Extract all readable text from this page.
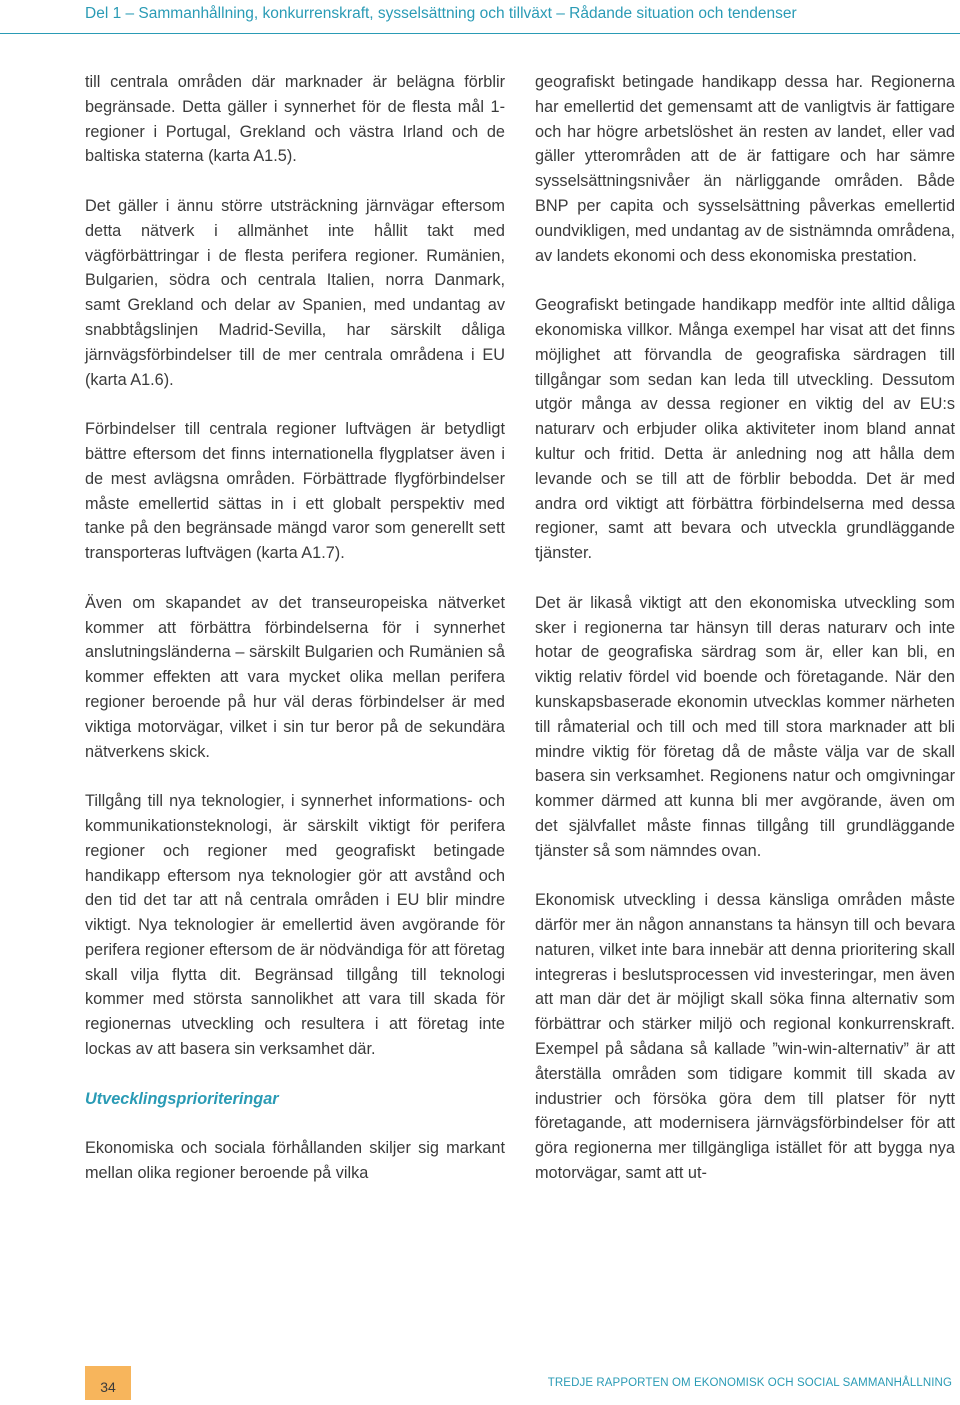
Del 1 – Sammanhållning, konkurrenskraft, sysselsättning och tillväxt – Rådande situation och tendenser

till centrala områden där marknader är belägna förblir begränsade. Detta gäller i synnerhet för de flesta mål 1-regioner i Portugal, Grekland och västra Irland och de baltiska staterna (karta A1.5).

Det gäller i ännu större utsträckning järnvägar eftersom detta nätverk i allmänhet inte hållit takt med vägförbättringar i de flesta perifera regioner. Rumänien, Bulgarien, södra och centrala Italien, norra Danmark, samt Grekland och delar av Spanien, med undantag av snabbtågslinjen Madrid-Sevilla, har särskilt dåliga järnvägsförbindelser till de mer centrala områdena i EU (karta A1.6).

Förbindelser till centrala regioner luftvägen är betydligt bättre eftersom det finns internationella flygplatser även i de mest avlägsna områden. Förbättrade flygförbindelser måste emellertid sättas in i ett globalt perspektiv med tanke på den begränsade mängd varor som generellt sett transporteras luftvägen (karta A1.7).

Även om skapandet av det transeuropeiska nätverket kommer att förbättra förbindelserna för i synnerhet anslutningsländerna – särskilt Bulgarien och Rumänien så kommer effekten att vara mycket olika mellan perifera regioner beroende på hur väl deras förbindelser är med viktiga motorvägar, vilket i sin tur beror på de sekundära nätverkens skick.

Tillgång till nya teknologier, i synnerhet informations- och kommunikationsteknologi, är särskilt viktigt för perifera regioner och regioner med geografiskt betingade handikapp eftersom nya teknologier gör att avstånd och den tid det tar att nå centrala områden i EU blir mindre viktigt. Nya teknologier är emellertid även avgörande för perifera regioner eftersom de är nödvändiga för att företag skall vilja flytta dit. Begränsad tillgång till teknologi kommer med största sannolikhet att vara till skada för regionernas utveckling och resultera i att företag inte lockas av att basera sin verksamhet där.

Utvecklingsprioriteringar

Ekonomiska och sociala förhållanden skiljer sig markant mellan olika regioner beroende på vilka

geografiskt betingade handikapp dessa har. Regionerna har emellertid det gemensamt att de vanligtvis är fattigare och har högre arbetslöshet än resten av landet, eller vad gäller ytterområden att de är fattigare och har sämre sysselsättningsnivåer än närliggande områden. Både BNP per capita och sysselsättning påverkas emellertid oundvikligen, med undantag av de sistnämnda områdena, av landets ekonomi och dess ekonomiska prestation.

Geografiskt betingade handikapp medför inte alltid dåliga ekonomiska villkor. Många exempel har visat att det finns möjlighet att förvandla de geografiska särdragen till tillgångar som sedan kan leda till utveckling. Dessutom utgör många av dessa regioner en viktig del av EU:s naturarv och erbjuder olika aktiviteter inom bland annat kultur och fritid. Detta är anledning nog att hålla dem levande och se till att de förblir bebodda. Det är med andra ord viktigt att förbättra förbindelserna med dessa regioner, samt att bevara och utveckla grundläggande tjänster.

Det är likaså viktigt att den ekonomiska utveckling som sker i regionerna tar hänsyn till deras naturarv och inte hotar de geografiska särdrag som är, eller kan bli, en viktig relativ fördel vid boende och företagande. När den kunskapsbaserade ekonomin utvecklas kommer närheten till råmaterial och till och med till stora marknader att bli mindre viktig för företag då de måste välja var de skall basera sin verksamhet. Regionens natur och omgivningar kommer därmed att kunna bli mer avgörande, även om det självfallet måste finnas tillgång till grundläggande tjänster så som nämndes ovan.

Ekonomisk utveckling i dessa känsliga områden måste därför mer än någon annanstans ta hänsyn till och bevara naturen, vilket inte bara innebär att denna prioritering skall integreras i beslutsprocessen vid investeringar, men även att man där det är möjligt skall söka finna alternativ som förbättrar och stärker miljö och regional konkurrenskraft. Exempel på sådana så kallade ”win-win-alternativ” är att återställa områden som tidigare kommit till skada av industrier och försöka göra dem till platser för nytt företagande, att modernisera järnvägsförbindelser för att göra regionerna mer tillgängliga istället för att bygga nya motorvägar, samt att ut-

34	TREDJE RAPPORTEN OM EKONOMISK OCH SOCIAL SAMMANHÅLLNING
